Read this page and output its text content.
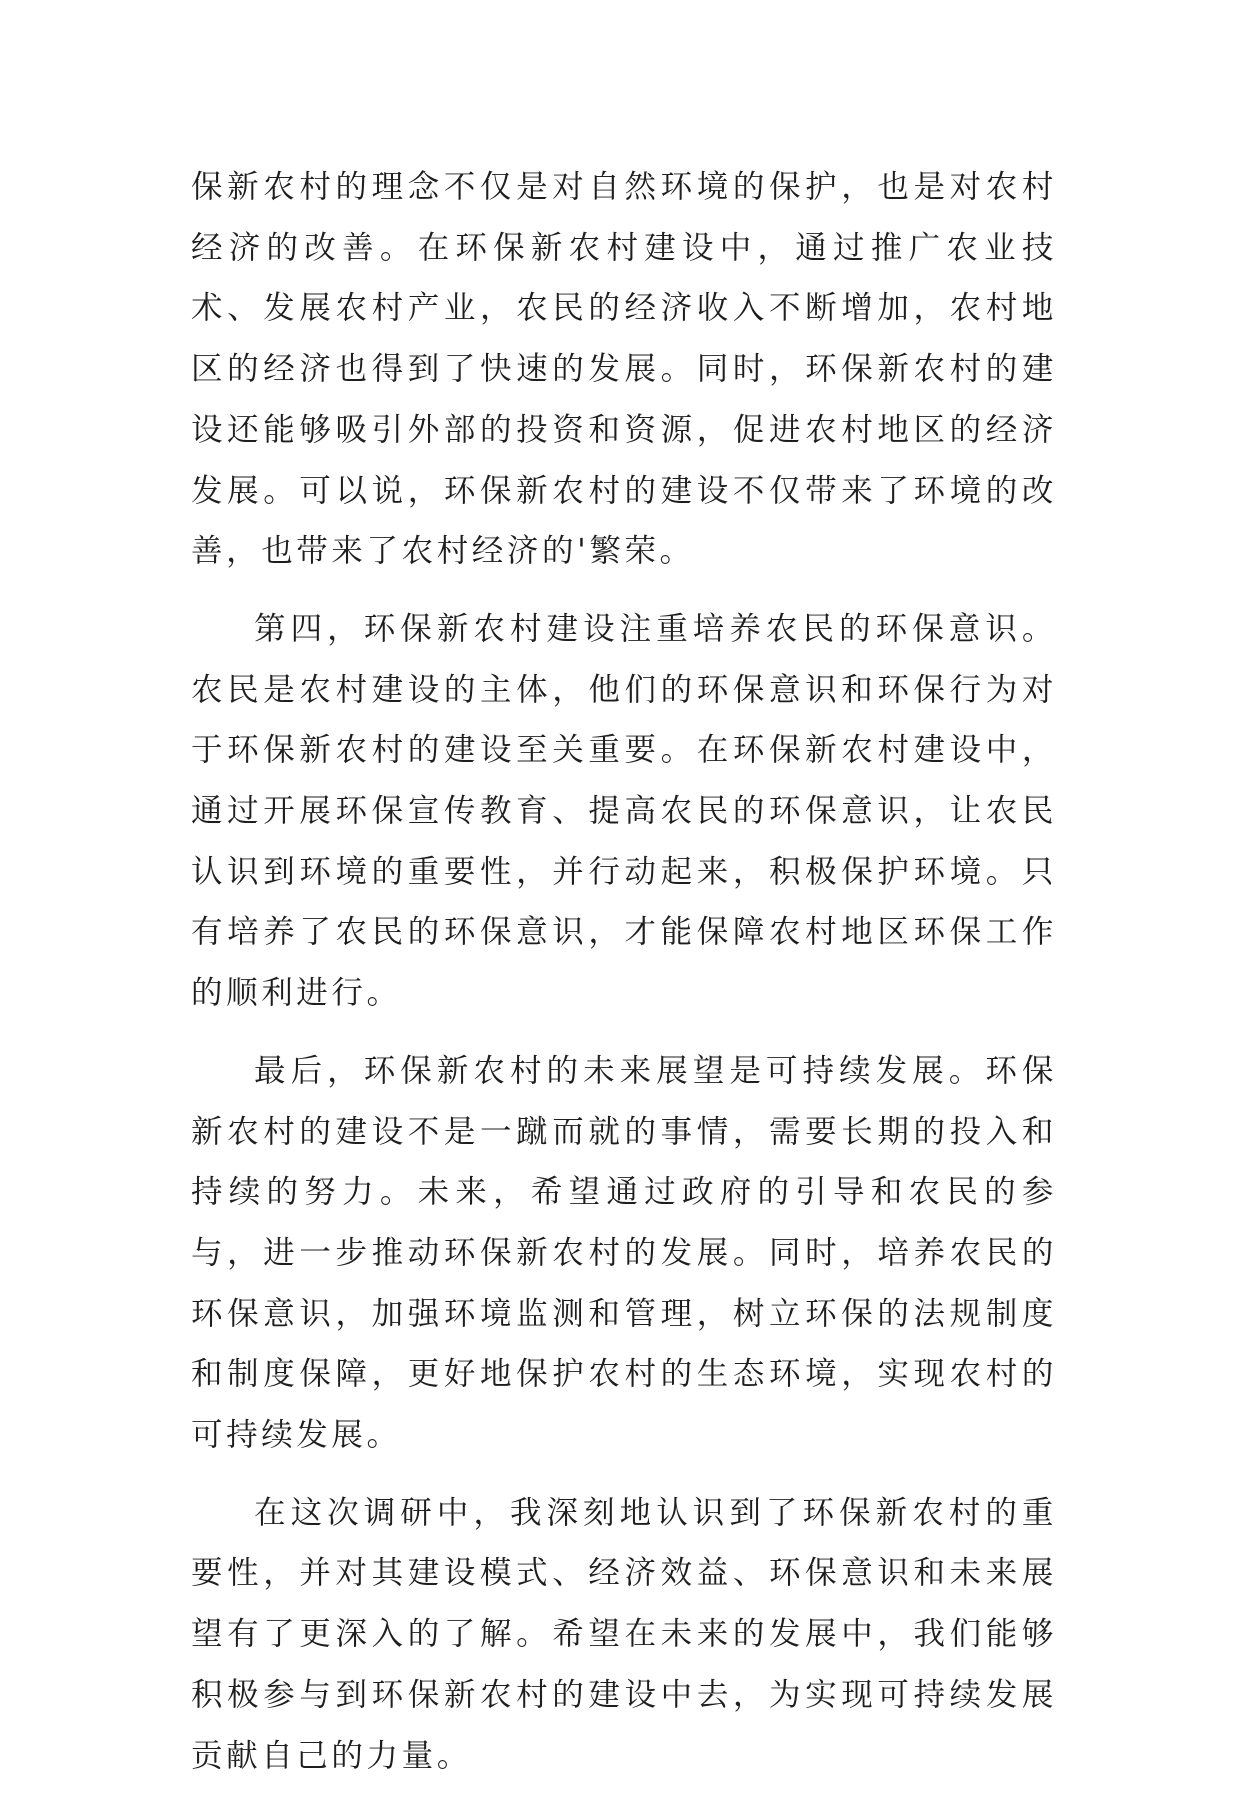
保新农村的理念不仅是对自然环境的保护，也是对农村经济的改善。在环保新农村建设中，通过推广农业技术、发展农村产业，农民的经济收入不断增加，农村地区的经济也得到了快速的发展。同时，环保新农村的建设还能够吸引外部的投资和资源，促进农村地区的经济发展。可以说，环保新农村的建设不仅带来了环境的改善，也带来了农村经济的'繁荣。

第四，环保新农村建设注重培养农民的环保意识。农民是农村建设的主体，他们的环保意识和环保行为对于环保新农村的建设至关重要。在环保新农村建设中，通过开展环保宣传教育、提高农民的环保意识，让农民认识到环境的重要性，并行动起来，积极保护环境。只有培养了农民的环保意识，才能保障农村地区环保工作的顺利进行。

最后，环保新农村的未来展望是可持续发展。环保新农村的建设不是一蹴而就的事情，需要长期的投入和持续的努力。未来，希望通过政府的引导和农民的参与，进一步推动环保新农村的发展。同时，培养农民的环保意识，加强环境监测和管理，树立环保的法规制度和制度保障，更好地保护农村的生态环境，实现农村的可持续发展。

在这次调研中，我深刻地认识到了环保新农村的重要性，并对其建设模式、经济效益、环保意识和未来展望有了更深入的了解。希望在未来的发展中，我们能够积极参与到环保新农村的建设中去，为实现可持续发展贡献自己的力量。
